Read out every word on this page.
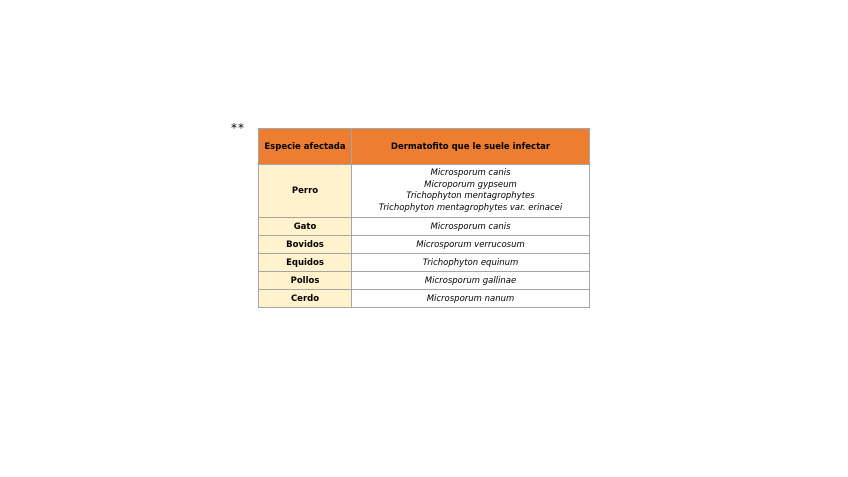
**
Especie afectada	Dermatofito que le suele infectar
Perro	Microsporum canis
Microporum gypseum
Trichophyton mentagrophytes
Trichophyton mentagrophytes var. erinacei

Gato	Microsporum canis
Bovidos	Microsporum verrucosum
Equidos	Trichophyton equinum
Pollos	Microsporum gallinae
Cerdo	Microsporum nanum
